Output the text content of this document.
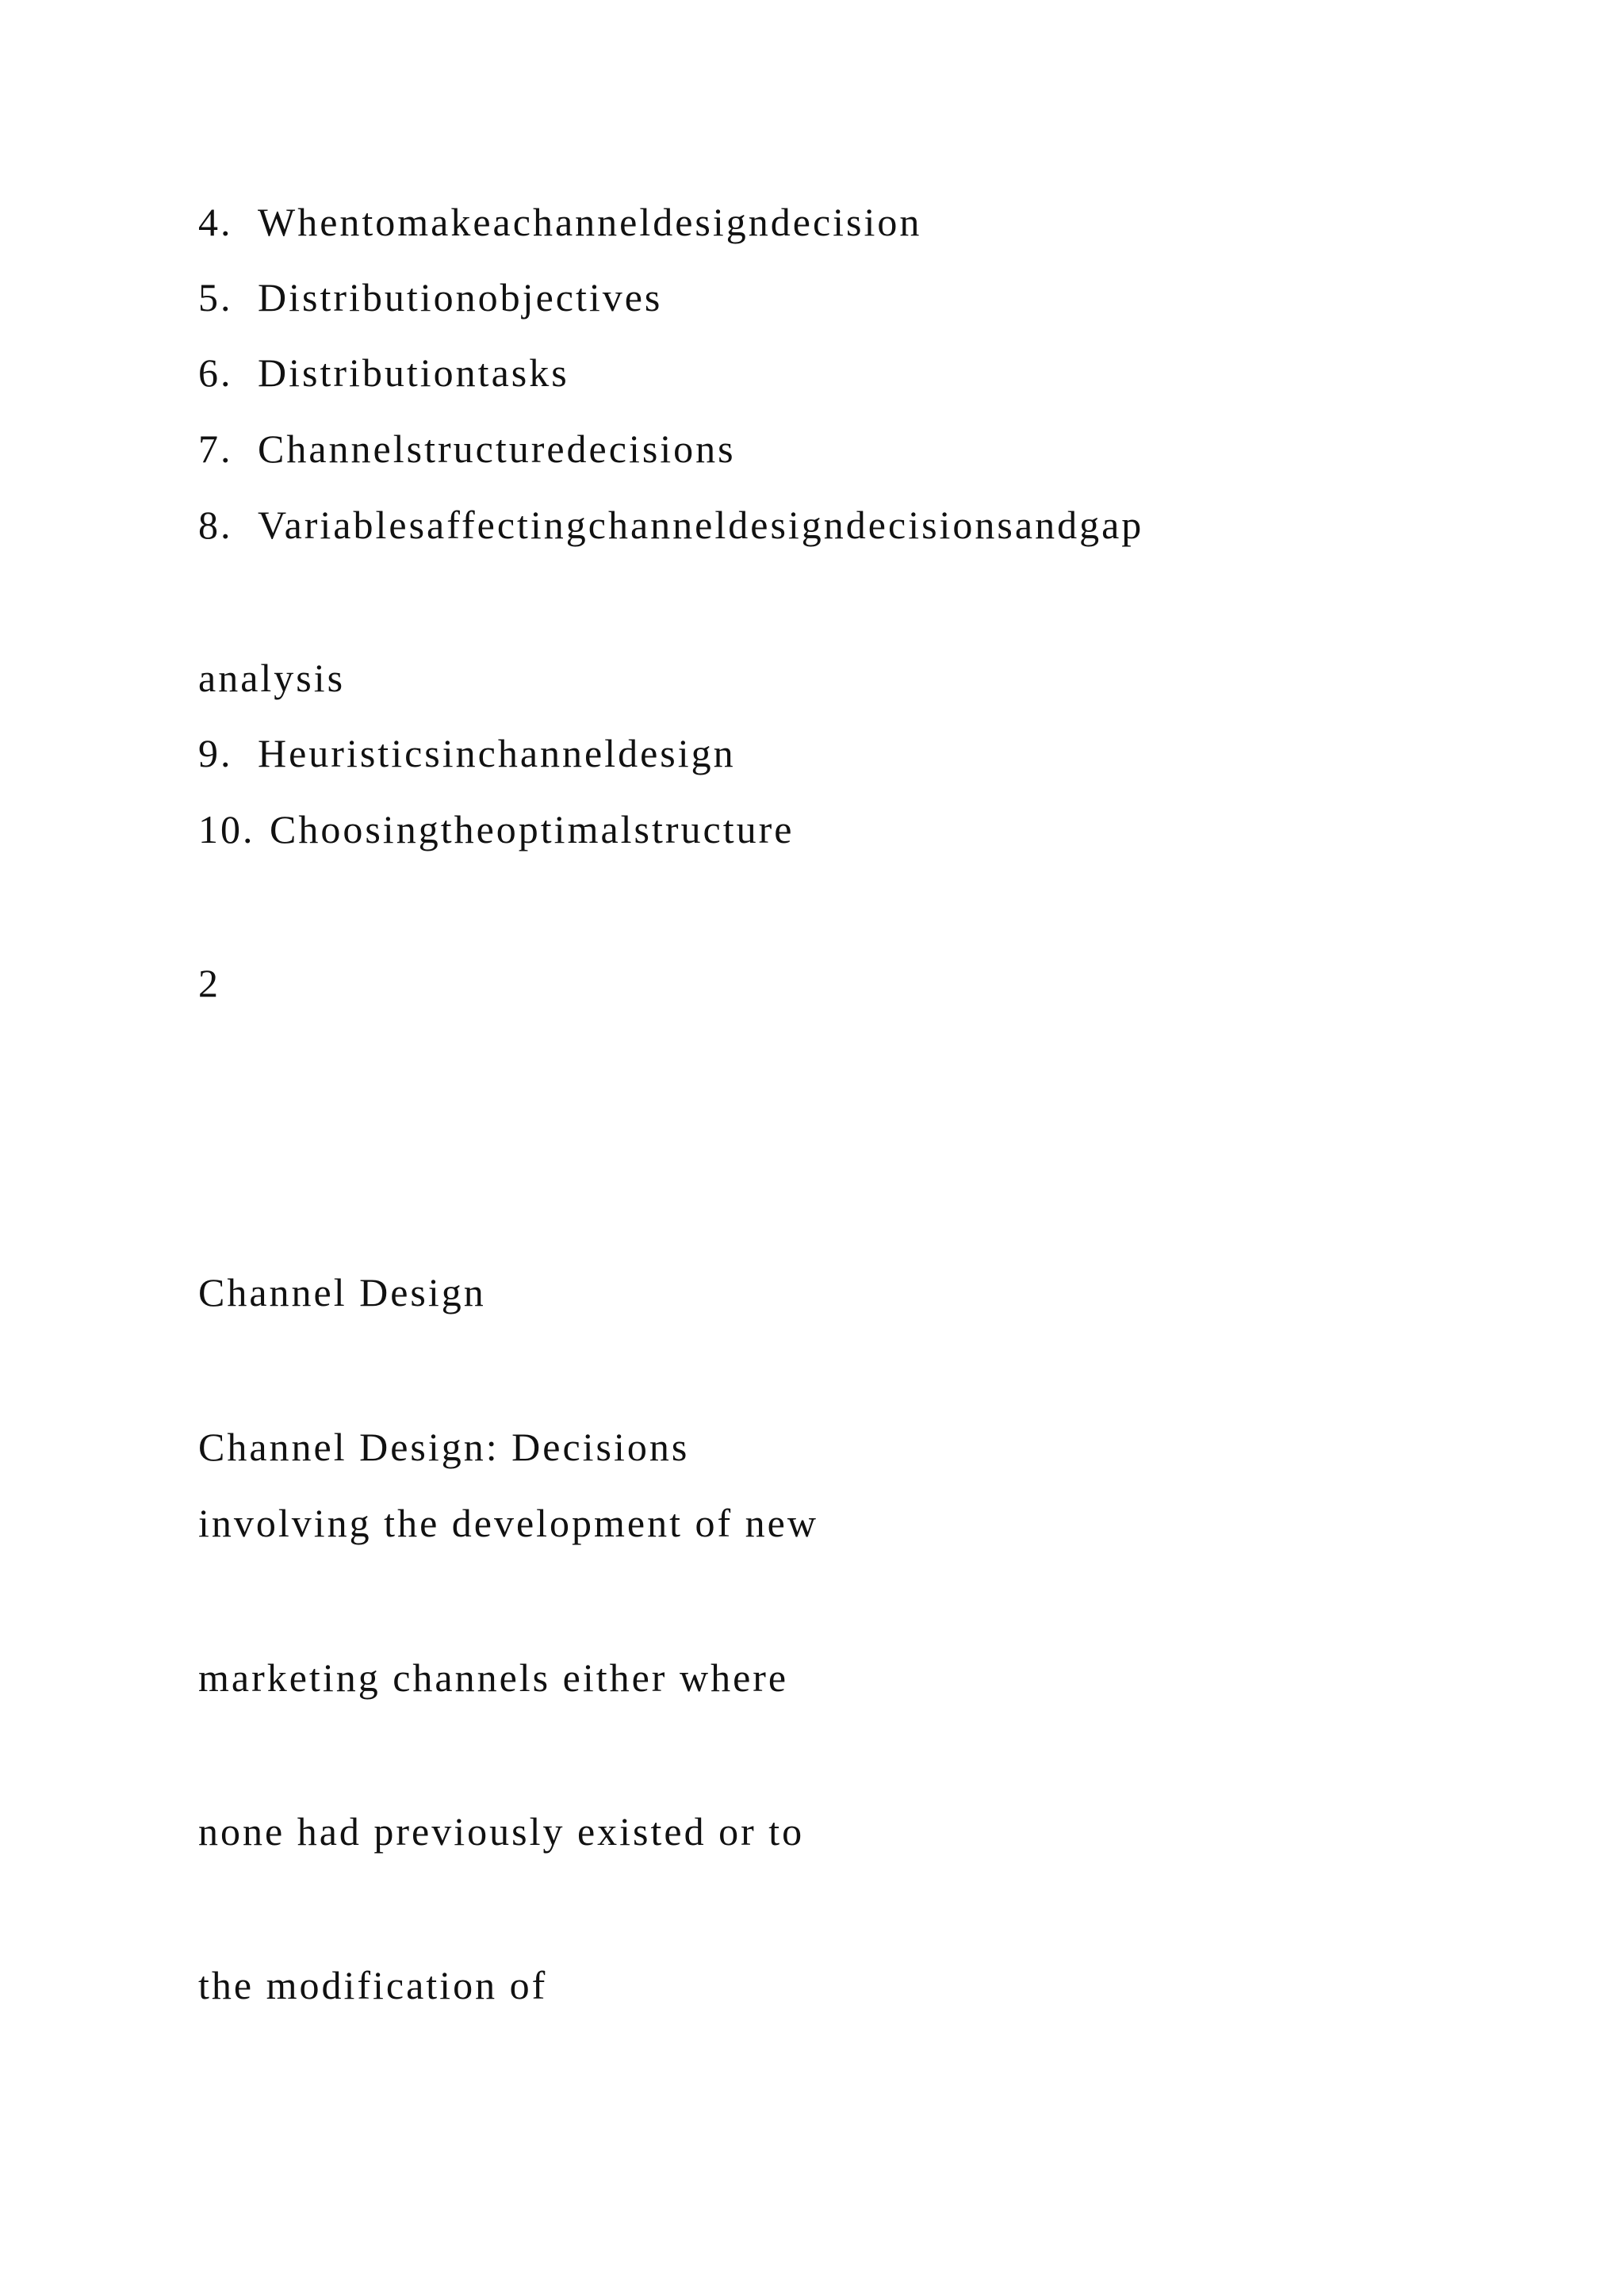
4. Whentomakeachanneldesigndecision
5. Distributionobjectives
6. Distributiontasks
7. Channelstructuredecisions
8. Variablesaffectingchanneldesigndecisionsandgap
analysis
9. Heuristicsinchanneldesign
10. Choosingtheoptimalstructure
2
Channel Design
Channel Design: Decisions
involving the development of new
marketing channels either where
none had previously existed or to
the modification of
